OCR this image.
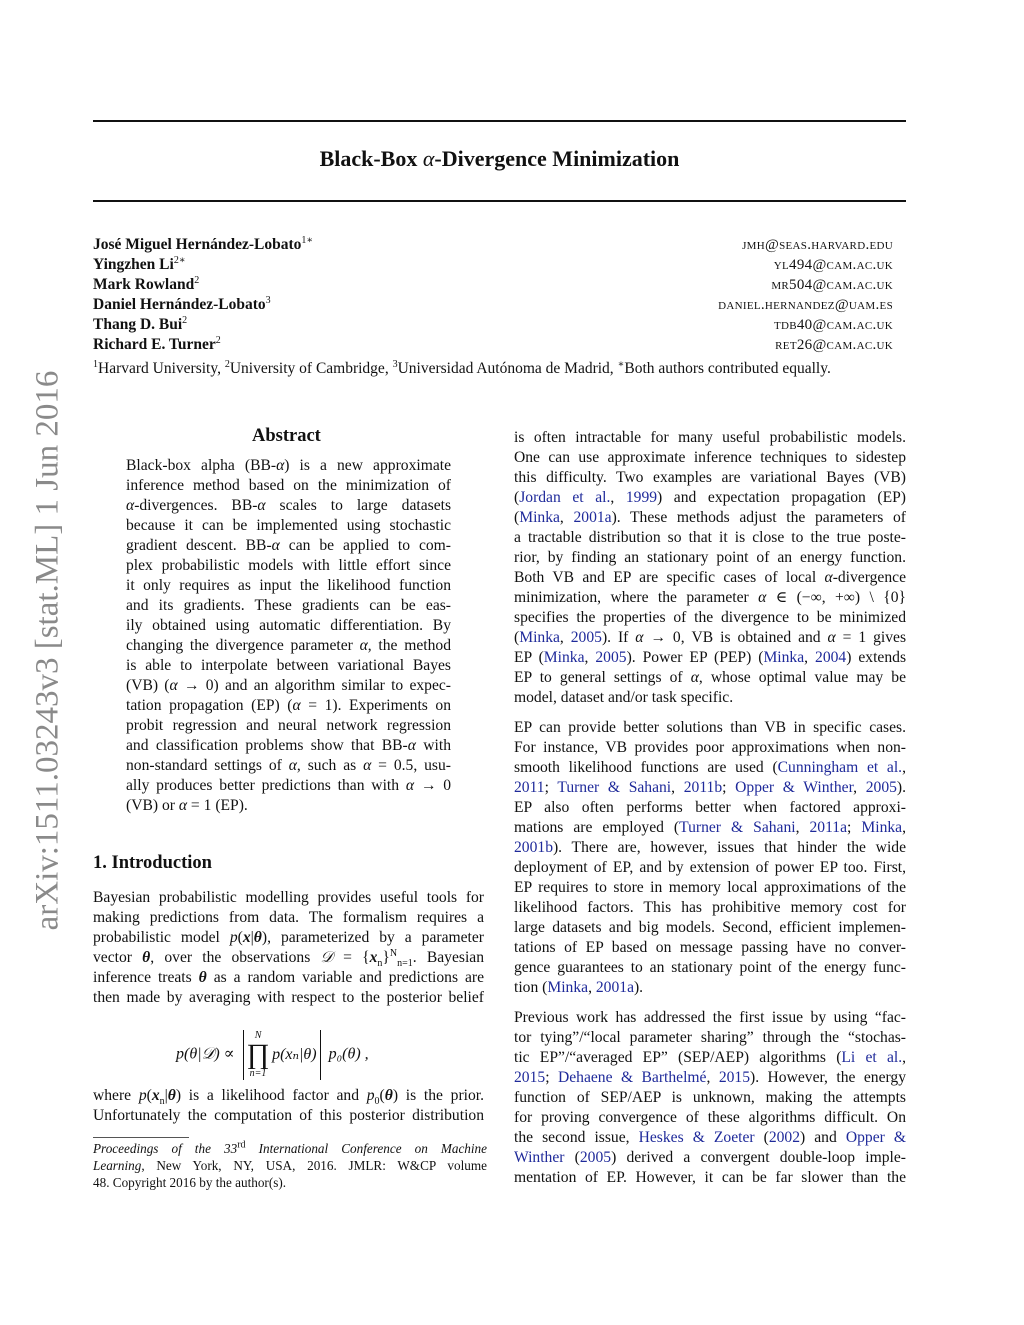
arXiv:1511.03243v3 [stat.ML] 1 Jun 2016
Black-Box α-Divergence Minimization
José Miguel Hernández-Lobato$^{1∗}$	jmh@seas.harvard.edu
Yingzhen $Li^{2∗}$	yl494@cam.ac.uk
Mark Rowland$^2$	mr504@cam.ac.uk
Daniel Hernández-Lobato$^3$	daniel.hernandez@uam.es
Thang D. Bui$^2$	tdb40@cam.ac.uk
Richard E. Turner$^2$	ret26@cam.ac.uk
$^1$Harvard University, $^2$University of Cambridge, $^3$Universidad Autónoma de Madrid, ∗Both authors contributed equally.
Abstract
Black-box alpha (BB-α) is a new approximate
inference method based on the minimization of
α-divergences. BB-α scales to large datasets
because it can be implemented using stochastic
gradient descent. BB-α can be applied to com-
plex probabilistic models with little effort since
it only requires as input the likelihood function
and its gradients. These gradients can be eas-
ily obtained using automatic differentiation. By
changing the divergence parameter α, the method
is able to interpolate between variational Bayes
(VB) (α → 0) and an algorithm similar to expec-
tation propagation (EP) (α = 1). Experiments on
probit regression and neural network regression
and classification problems show that BB-α with
non-standard settings of α, such as α = 0.5, usu-
ally produces better predictions than with α → 0
(VB) or α = 1 (EP).
1. Introduction
Bayesian probabilistic modelling provides useful tools for
making predictions from data. The formalism requires a
probabilistic model p(x|θ), parameterized by a parameter
vector θ, over the observations 𝒟 = $\{x_n\}^N_{n=1}$. Bayesian
inference treats θ as a random variable and predictions are
then made by averaging with respect to the posterior belief
where $p(x_n|\theta)$ is a likelihood factor and $p_0(\theta)$ is the prior.
Unfortunately the computation of this posterior distribution
p(θ|𝒟) ∝
N
∏
n=1
p(xₙ|θ) p₀(θ) ,
is often intractable for many useful probabilistic models.
One can use approximate inference techniques to sidestep
this difficulty. Two examples are variational Bayes (VB)
(Jordan et al., 1999) and expectation propagation (EP)
(Minka, 2001a). These methods adjust the parameters of
a tractable distribution so that it is close to the true poste-
rior, by finding an stationary point of an energy function.
Both VB and EP are specific cases of local α-divergence
minimization, where the parameter α ∈ (−∞, +∞) \ {0}
specifies the properties of the divergence to be minimized
(Minka, 2005). If α → 0, VB is obtained and α = 1 gives
EP (Minka, 2005). Power EP (PEP) (Minka, 2004) extends
EP to general settings of α, whose optimal value may be
model, dataset and/or task specific.
EP can provide better solutions than VB in specific cases.
For instance, VB provides poor approximations when non-
smooth likelihood functions are used (Cunningham et al.,
2011; Turner & Sahani, 2011b; Opper & Winther, 2005).
EP also often performs better when factored approxi-
mations are employed (Turner & Sahani, 2011a; Minka,
2001b). There are, however, issues that hinder the wide
deployment of EP, and by extension of power EP too. First,
EP requires to store in memory local approximations of the
likelihood factors. This has prohibitive memory cost for
large datasets and big models. Second, efficient implemen-
tations of EP based on message passing have no conver-
gence guarantees to an stationary point of the energy func-
tion (Minka, 2001a).
Previous work has addressed the first issue by using “fac-
tor tying”/“local parameter sharing” through the “stochas-
tic EP”/“averaged EP” (SEP/AEP) algorithms (Li et al.,
2015; Dehaene & Barthelmé, 2015). However, the energy
function of SEP/AEP is unknown, making the attempts
for proving convergence of these algorithms difficult. On
the second issue, Heskes & Zoeter (2002) and Opper &
Winther (2005) derived a convergent double-loop imple-
mentation of EP. However, it can be far slower than the
Proceedings of the 33rd International Conference on Machine
Learning, New York, NY, USA, 2016. JMLR: W&CP volume
48. Copyright 2016 by the author(s).
